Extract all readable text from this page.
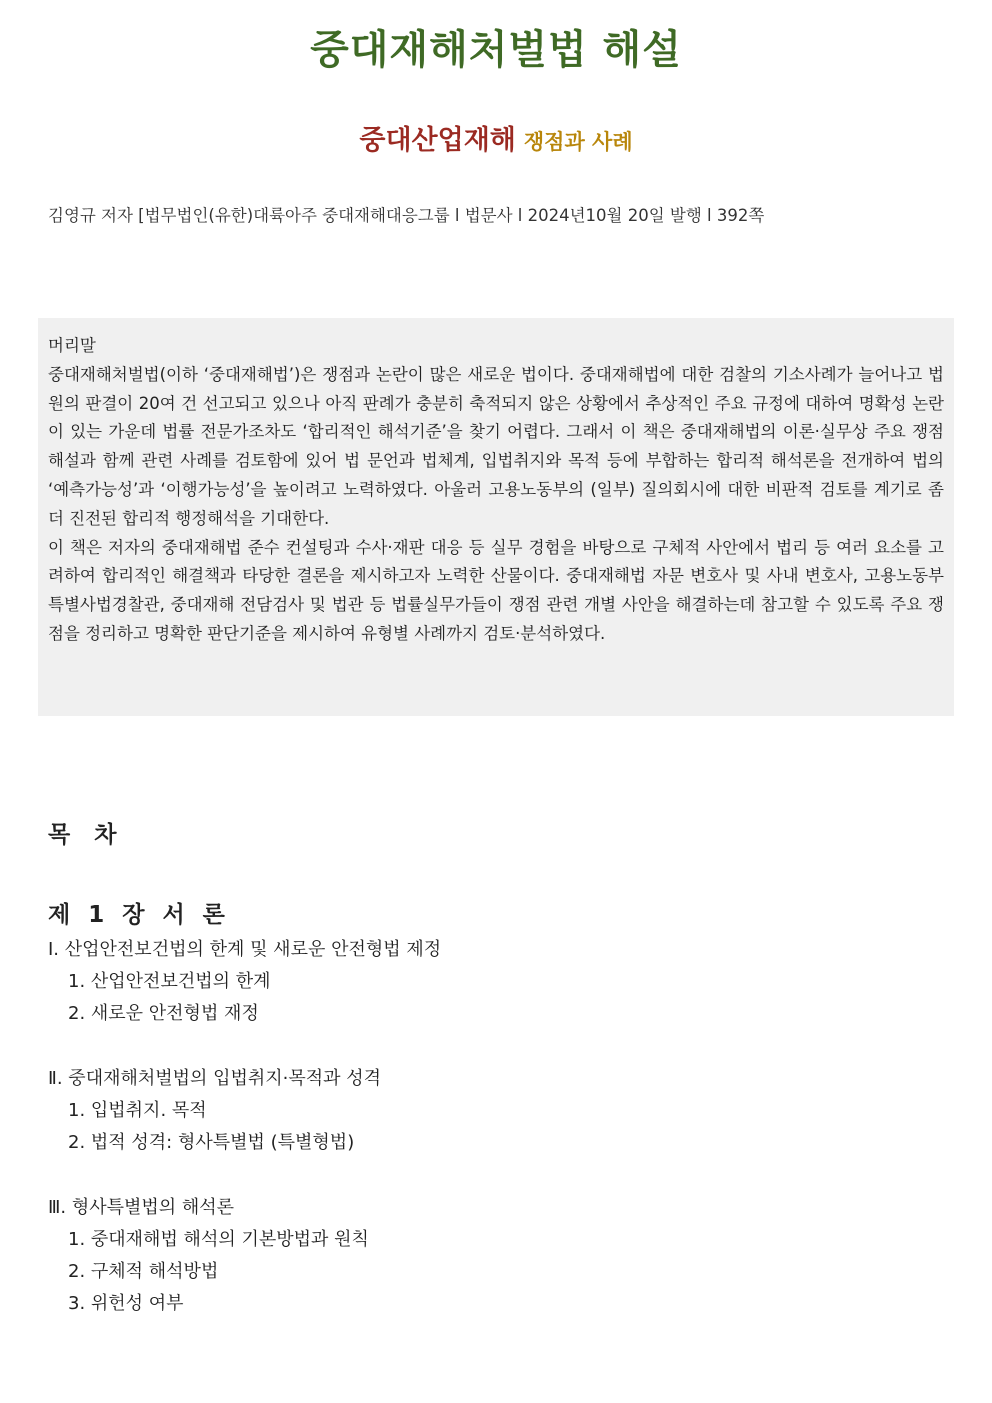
중대재해처벌법 해설
중대산업재해 쟁점과 사례
김영규 저자 [법무법인(유한)대륙아주 중대재해대응그룹 l 법문사 l 2024년10월 20일 발행 l 392쪽

머리말

중대재해처벌법(이하 ‘중대재해법’)은 쟁점과 논란이 많은 새로운 법이다. 중대재해법에 대한 검찰의 기소사례가 늘어나고 법원의 판결이 20여 건 선고되고 있으나 아직 판례가 충분히 축적되지 않은 상황에서 추상적인 주요 규정에 대하여 명확성 논란이 있는 가운데 법률 전문가조차도 ‘합리적인 해석기준’을 찾기 어렵다. 그래서 이 책은 중대재해법의 이론·실무상 주요 쟁점 해설과 함께 관련 사례를 검토함에 있어 법 문언과 법체계, 입법취지와 목적 등에 부합하는 합리적 해석론을 전개하여 법의 ‘예측가능성’과 ‘이행가능성’을 높이려고 노력하였다. 아울러 고용노동부의 (일부) 질의회시에 대한 비판적 검토를 계기로 좀더 진전된 합리적 행정해석을 기대한다.

이 책은 저자의 중대재해법 준수 컨설팅과 수사·재판 대응 등 실무 경험을 바탕으로 구체적 사안에서 법리 등 여러 요소를 고려하여 합리적인 해결책과 타당한 결론을 제시하고자 노력한 산물이다. 중대재해법 자문 변호사 및 사내 변호사, 고용노동부 특별사법경찰관, 중대재해 전담검사 및 법관 등 법률실무가들이 쟁점 관련 개별 사안을 해결하는데 참고할 수 있도록 주요 쟁점을 정리하고 명확한 판단기준을 제시하여 유형별 사례까지 검토·분석하였다.

목 차
제 1 장 서 론
Ⅰ. 산업안전보건법의 한계 및 새로운 안전형법 제정
1. 산업안전보건법의 한계
2. 새로운 안전형법 재정
Ⅱ. 중대재해처벌법의 입법취지·목적과 성격
1. 입법취지. 목적
2. 법적 성격: 형사특별법 (특별형법)
Ⅲ. 형사특별법의 해석론
1. 중대재해법 해석의 기본방법과 원칙
2. 구체적 해석방법
3. 위헌성 여부
